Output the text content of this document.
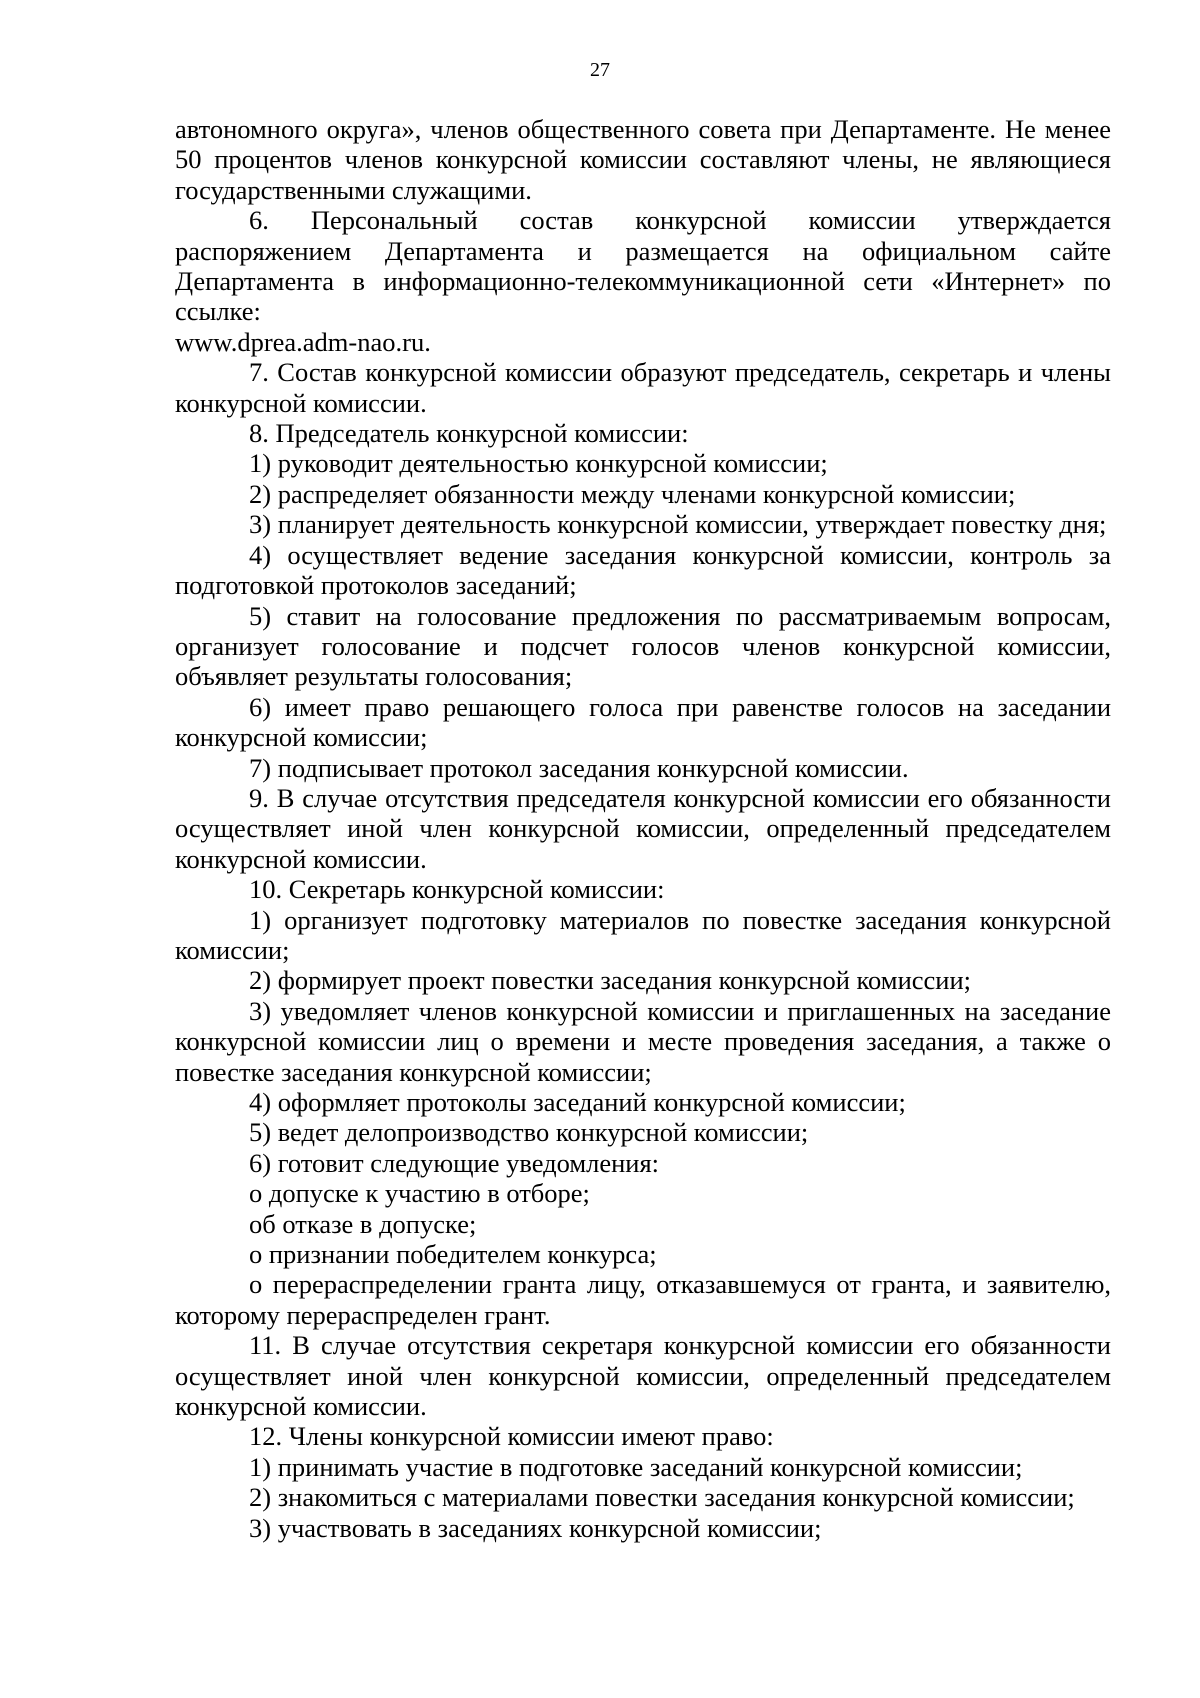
27

автономного округа», членов общественного совета при Департаменте. Не менее 50 процентов членов конкурсной комиссии составляют члены, не являющиеся государственными служащими.

6. Персональный состав конкурсной комиссии утверждается распоряжением Департамента и размещается на официальном сайте Департамента в информационно-телекоммуникационной сети «Интернет» по ссылке:

www.dprea.adm-nao.ru.

7. Состав конкурсной комиссии образуют председатель, секретарь и члены конкурсной комиссии.

8. Председатель конкурсной комиссии:

1) руководит деятельностью конкурсной комиссии;

2) распределяет обязанности между членами конкурсной комиссии;

3) планирует деятельность конкурсной комиссии, утверждает повестку дня;

4) осуществляет ведение заседания конкурсной комиссии, контроль за подготовкой протоколов заседаний;

5) ставит на голосование предложения по рассматриваемым вопросам, организует голосование и подсчет голосов членов конкурсной комиссии, объявляет результаты голосования;

6) имеет право решающего голоса при равенстве голосов на заседании конкурсной комиссии;

7) подписывает протокол заседания конкурсной комиссии.

9. В случае отсутствия председателя конкурсной комиссии его обязанности осуществляет иной член конкурсной комиссии, определенный председателем конкурсной комиссии.

10. Секретарь конкурсной комиссии:

1) организует подготовку материалов по повестке заседания конкурсной комиссии;

2) формирует проект повестки заседания конкурсной комиссии;

3) уведомляет членов конкурсной комиссии и приглашенных на заседание конкурсной комиссии лиц о времени и месте проведения заседания, а также о повестке заседания конкурсной комиссии;

4) оформляет протоколы заседаний конкурсной комиссии;

5) ведет делопроизводство конкурсной комиссии;

6) готовит следующие уведомления:

о допуске к участию в отборе;

об отказе в допуске;

о признании победителем конкурса;

о перераспределении гранта лицу, отказавшемуся от гранта, и заявителю, которому перераспределен грант.

11. В случае отсутствия секретаря конкурсной комиссии его обязанности осуществляет иной член конкурсной комиссии, определенный председателем конкурсной комиссии.

12. Члены конкурсной комиссии имеют право:

1) принимать участие в подготовке заседаний конкурсной комиссии;

2) знакомиться с материалами повестки заседания конкурсной комиссии;

3) участвовать в заседаниях конкурсной комиссии;
